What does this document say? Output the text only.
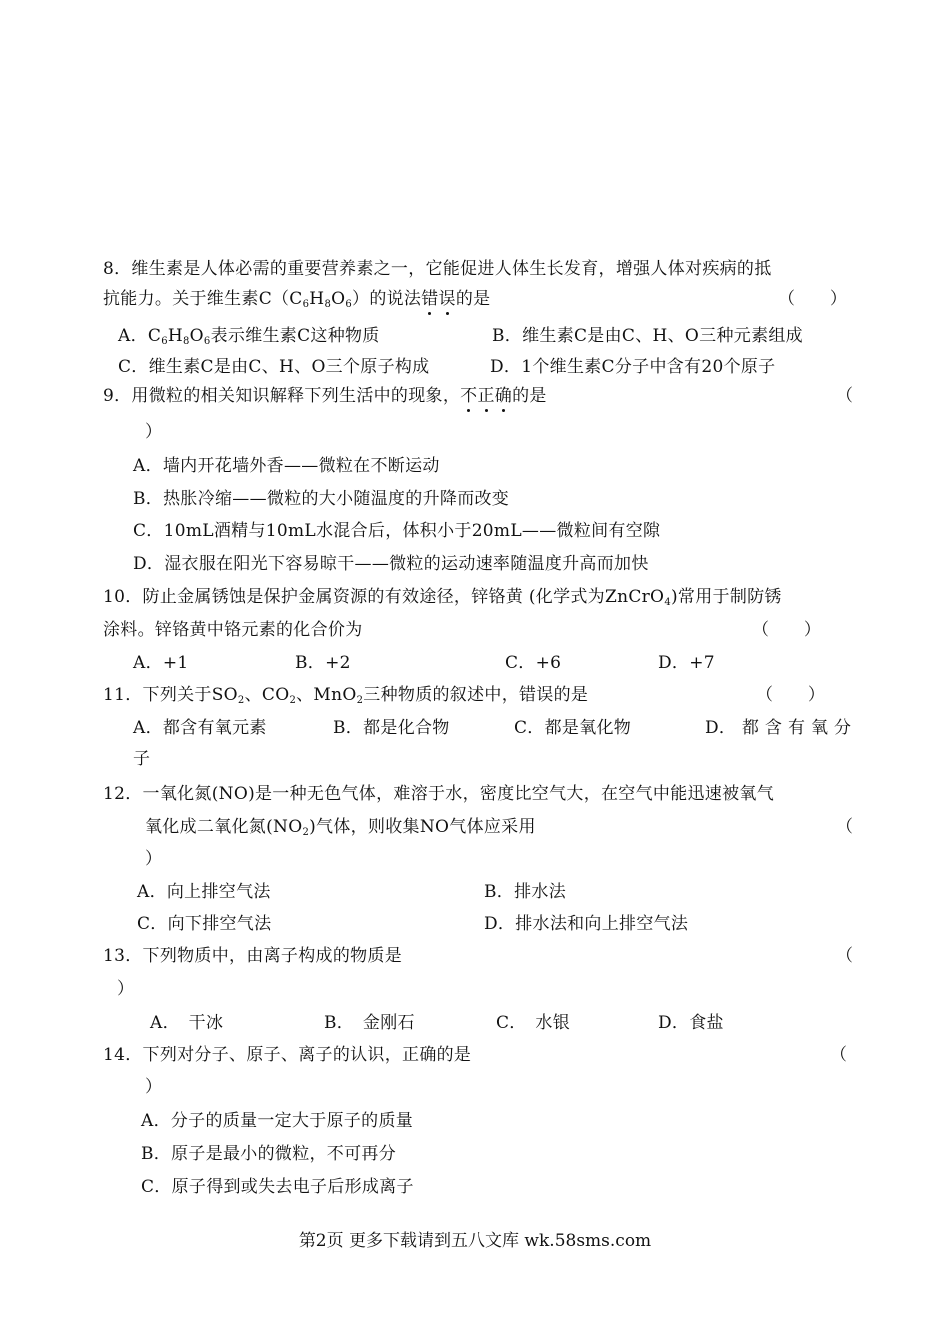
8．维生素是人体必需的重要营养素之一，它能促进人体生长发育，增强人体对疾病的抵
抗能力。关于维生素$C(C_6H_8O_6)$的说法错误的是	（　　）
A．$C_6H_8O_6$表示维生素C这种物质	B．维生素C是由C、H、O三种元素组成
C．维生素C是由C、H、O三个原子构成	D．1个维生素C分子中含有20个原子
9．用微粒的相关知识解释下列生活中的现象，不正确的是	（
）
A．墙内开花墙外香——微粒在不断运动
B．热胀冷缩——微粒的大小随温度的升降而改变
C．10mL酒精与10mL水混合后，体积小于20mL——微粒间有空隙
D．湿衣服在阳光下容易晾干——微粒的运动速率随温度升高而加快
10．防止金属锈蚀是保护金属资源的有效途径，锌铬黄 (化学式为ZnCrO$_4$)常用于制防锈
涂料。锌铬黄中铬元素的化合价为	（　　）
A．+1	B．+2	C．+6	D．+7
11．下列关于$SO_2$、$CO_2$、MnO$_2$三种物质的叙述中，错误的是	（　　）
A．都含有氧元素	B．都是化合物	C．都是氧化物	D． 都 含 有 氧 分
子
12．一氧化氮(NO)是一种无色气体，难溶于水，密度比空气大，在空气中能迅速被氧气
氧化成二氧化氮$(NO_2)$气体，则收集NO气体应采用	（
）
A．向上排空气法	B．排水法
C．向下排空气法	D．排水法和向上排空气法
13．下列物质中，由离子构成的物质是	（
）
A．　干冰	B．　金刚石	C．　水银	D．食盐
14．下列对分子、原子、离子的认识，正确的是	（
）
A．分子的质量一定大于原子的质量
B．原子是最小的微粒，不可再分
C．原子得到或失去电子后形成离子
第2页 更多下载请到五八文库 wk.58sms.com
